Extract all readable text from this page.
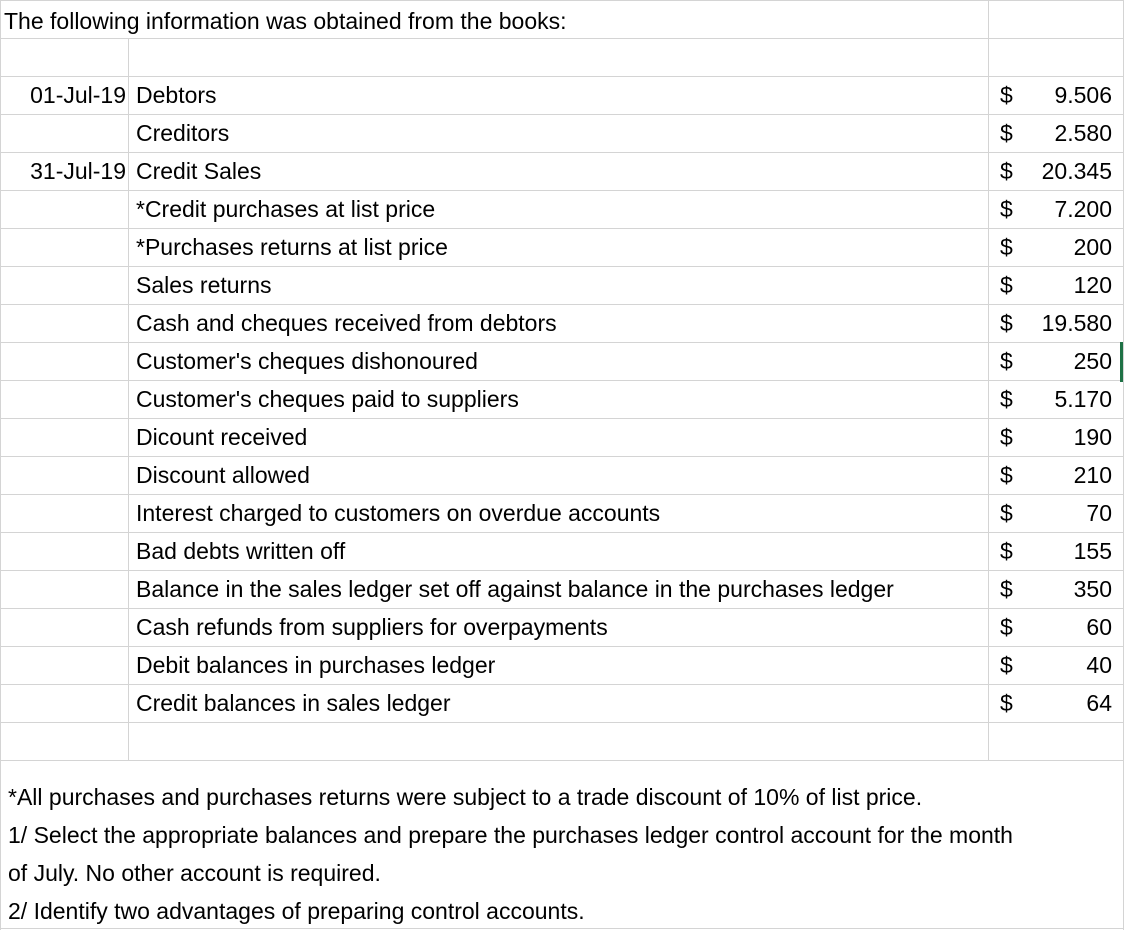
The following information was obtained from the books:
01-Jul-19 Debtors	$	9.506
Creditors	$	2.580
31-Jul-19 Credit Sales	$	20.345
*Credit purchases at list price	$	7.200
*Purchases returns at list price	$	200
Sales returns	$	120
Cash and cheques received from debtors	$	19.580
Customer's cheques dishonoured	$	250
Customer's cheques paid to suppliers	$	5.170
Dicount received	$	190
Discount allowed	$	210
Interest charged to customers on overdue accounts	$	70
Bad debts written off	$	155
Balance in the sales ledger set off against balance in the purchases ledger	$	350
Cash refunds from suppliers for overpayments	$	60
Debit balances in purchases ledger	$	40
Credit balances in sales ledger	$	64
*All purchases and purchases returns were subject to a trade discount of 10% of list price.
1/ Select the appropriate balances and prepare the purchases ledger control account for the month
of July. No other account is required.
2/ Identify two advantages of preparing control accounts.
